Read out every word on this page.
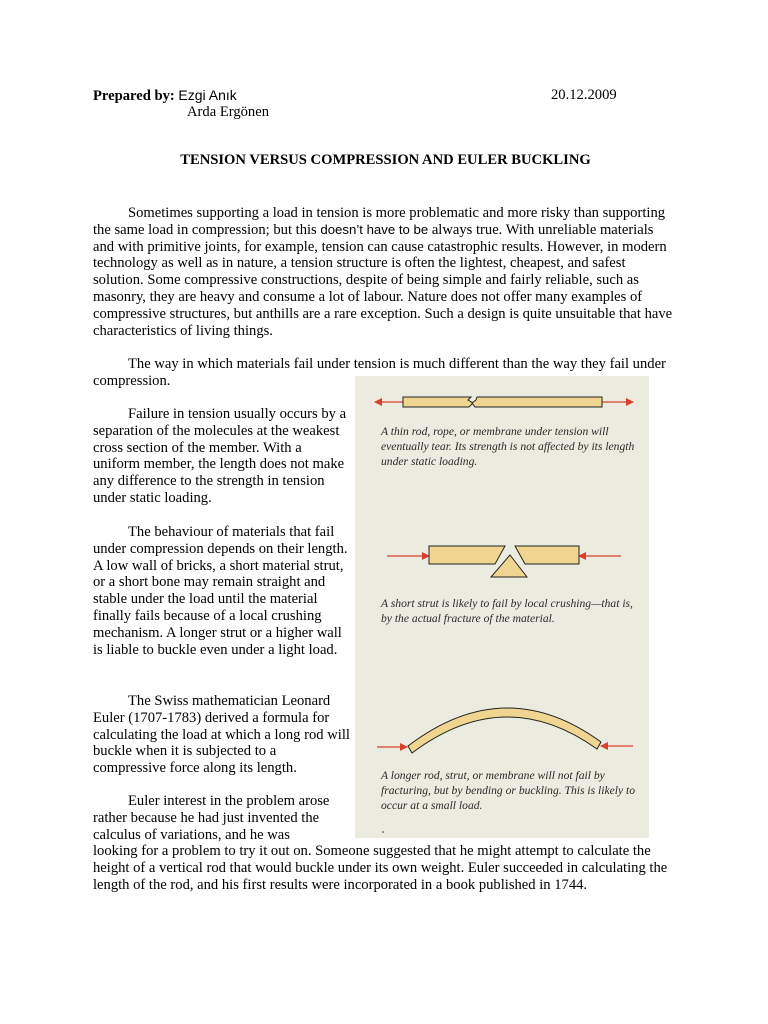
Prepared by: Ezgi Anık	20.12.2009
Arda Ergönen
TENSION VERSUS COMPRESSION AND EULER BUCKLING

Sometimes supporting a load in tension is more problematic and more risky than supporting the same load in compression; but this doesn’t have to be always true. With unreliable materials and with primitive joints, for example, tension can cause catastrophic results. However, in modern technology as well as in nature, a tension structure is often the lightest, cheapest, and safest solution. Some compressive constructions, despite of being simple and fairly reliable, such as masonry, they are heavy and consume a lot of labour. Nature does not offer many examples of compressive structures, but anthills are a rare exception. Such a design is quite unsuitable that have characteristics of living things.

The way in which materials fail under tension is much different than the way they fail under compression.

Failure in tension usually occurs by a separation of the molecules at the weakest cross section of the member. With a uniform member, the length does not make any difference to the strength in tension under static loading.

The behaviour of materials that fail under compression depends on their length. A low wall of bricks, a short material strut, or a short bone may remain straight and stable under the load until the material finally fails because of a local crushing mechanism. A longer strut or a higher wall is liable to buckle even under a light load.

The Swiss mathematician Leonard Euler (1707-1783) derived a formula for calculating the load at which a long rod will buckle when it is subjected to a compressive force along its length.

Euler interest in the problem arose rather because he had just invented the calculus of variations, and he was

looking for a problem to try it out on. Someone suggested that he might attempt to calculate the height of a vertical rod that would buckle under its own weight. Euler succeeded in calculating the length of the rod, and his first results were incorporated in a book published in 1744.

A thin rod, rope, or membrane under tension will eventually tear. Its strength is not affected by its length under static loading.
A short strut is likely to fail by local crushing—that is, by the actual fracture of the material.
A longer rod, strut, or membrane will not fail by fracturing, but by bending or buckling. This is likely to occur at a small load.
